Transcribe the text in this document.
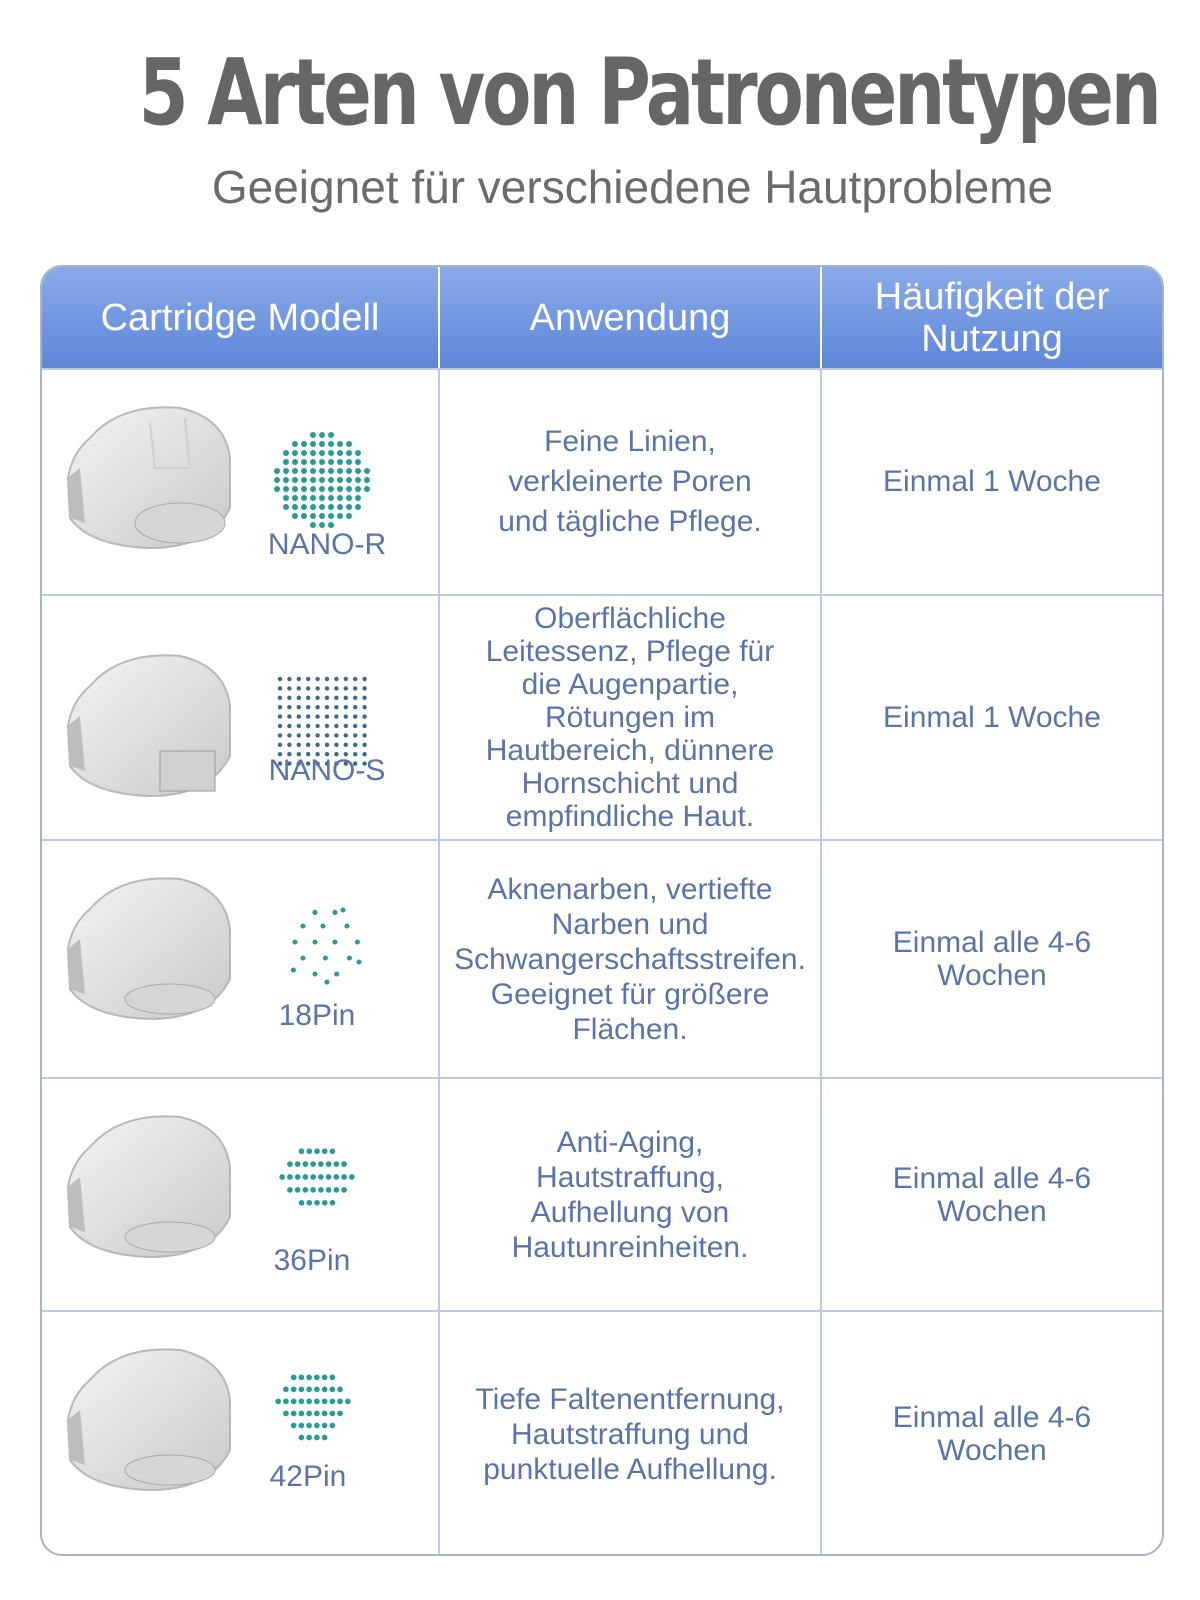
5 Arten von Patronentypen
Geeignet für verschiedene Hautprobleme
Cartridge Modell	Anwendung	Häufigkeit der Nutzung
NANO-R
Feine Linien, verkleinerte Poren und tägliche Pflege.
Einmal 1 Woche
NANO-S
Oberflächliche Leitessenz, Pflege für die Augenpartie, Rötungen im Hautbereich, dünnere Hornschicht und empfindliche Haut.
Einmal 1 Woche
18Pin
Aknenarben, vertiefte Narben und Schwangerschaftsstreifen. Geeignet für größere Flächen.
Einmal alle 4-6 Wochen
36Pin
Anti-Aging, Hautstraffung, Aufhellung von Hautunreinheiten.
Einmal alle 4-6 Wochen
42Pin
Tiefe Faltenentfernung, Hautstraffung und punktuelle Aufhellung.
Einmal alle 4-6 Wochen
